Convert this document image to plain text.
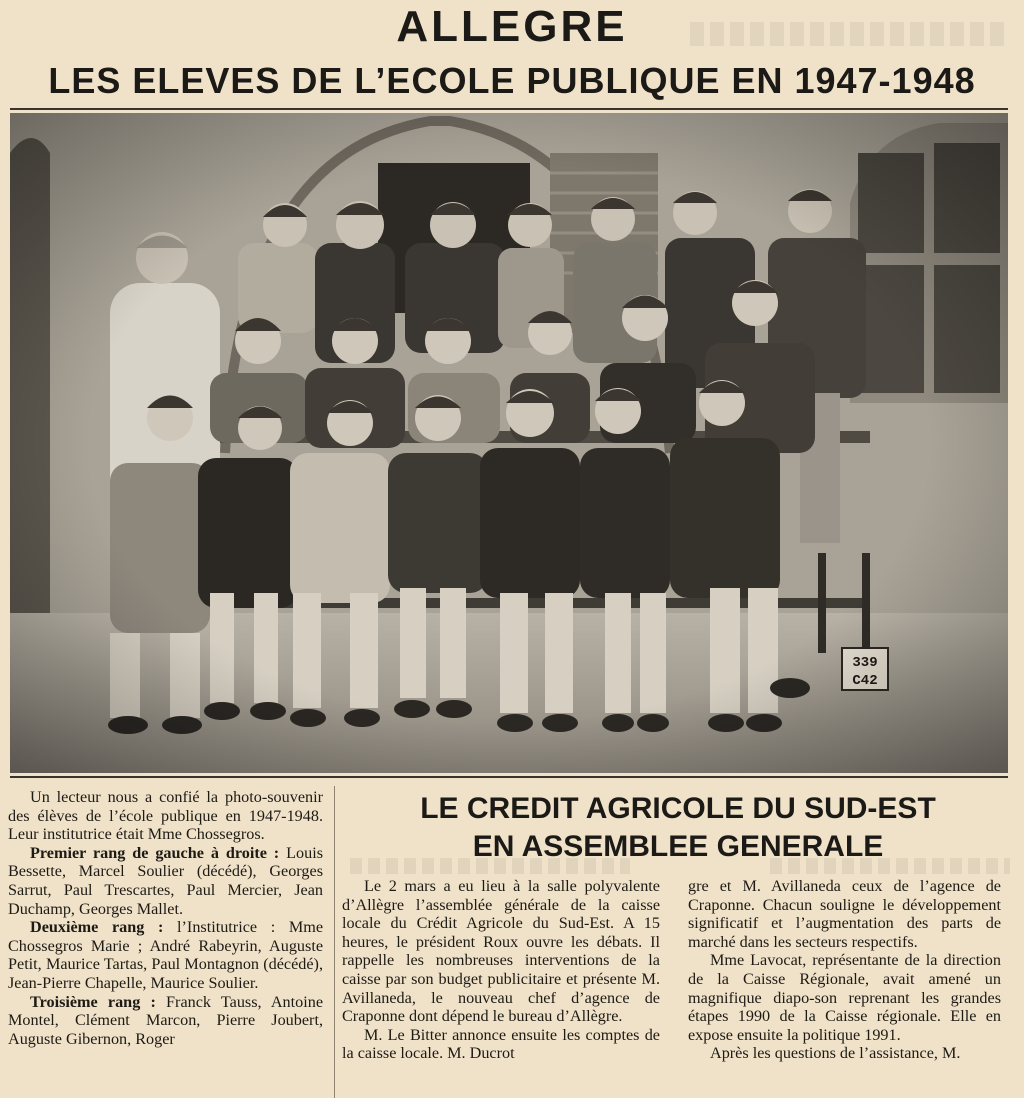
ALLEGRE
LES ELEVES DE L’ECOLE PUBLIQUE EN 1947-1948

Un lecteur nous a confié la photo-souvenir des élèves de l’école publique en 1947-1948. Leur institutrice était Mme Chossegros.

Premier rang de gauche à droite : Louis Bessette, Marcel Soulier (décédé), Georges Sarrut, Paul Trescartes, Paul Mercier, Jean Duchamp, Georges Mallet.

Deuxième rang : l’Institutrice : Mme Chossegros Marie ; André Rabeyrin, Auguste Petit, Maurice Tartas, Paul Montagnon (décédé), Jean-Pierre Chapelle, Maurice Soulier.

Troisième rang : Franck Tauss, Antoine Montel, Clément Marcon, Pierre Joubert, Auguste Gibernon, Roger

LE CREDIT AGRICOLE DU SUD-EST
EN ASSEMBLEE GENERALE

Le 2 mars a eu lieu à la salle polyvalente d’Allègre l’assemblée générale de la caisse locale du Crédit Agricole du Sud-Est. A 15 heures, le président Roux ouvre les débats. Il rappelle les nombreuses interventions de la caisse par son budget publicitaire et présente M. Avillaneda, le nouveau chef d’agence de Craponne dont dépend le bureau d’Allègre.

M. Le Bitter annonce ensuite les comptes de la caisse locale. M. Ducrot

gre et M. Avillaneda ceux de l’agence de Craponne. Chacun souligne le développement significatif et l’augmentation des parts de marché dans les secteurs respectifs.

Mme Lavocat, représentante de la direction de la Caisse Régionale, avait amené un magnifique diapo-son reprenant les grandes étapes 1990 de la Caisse régionale. Elle en expose ensuite la politique 1991.

Après les questions de l’assistance, M.
